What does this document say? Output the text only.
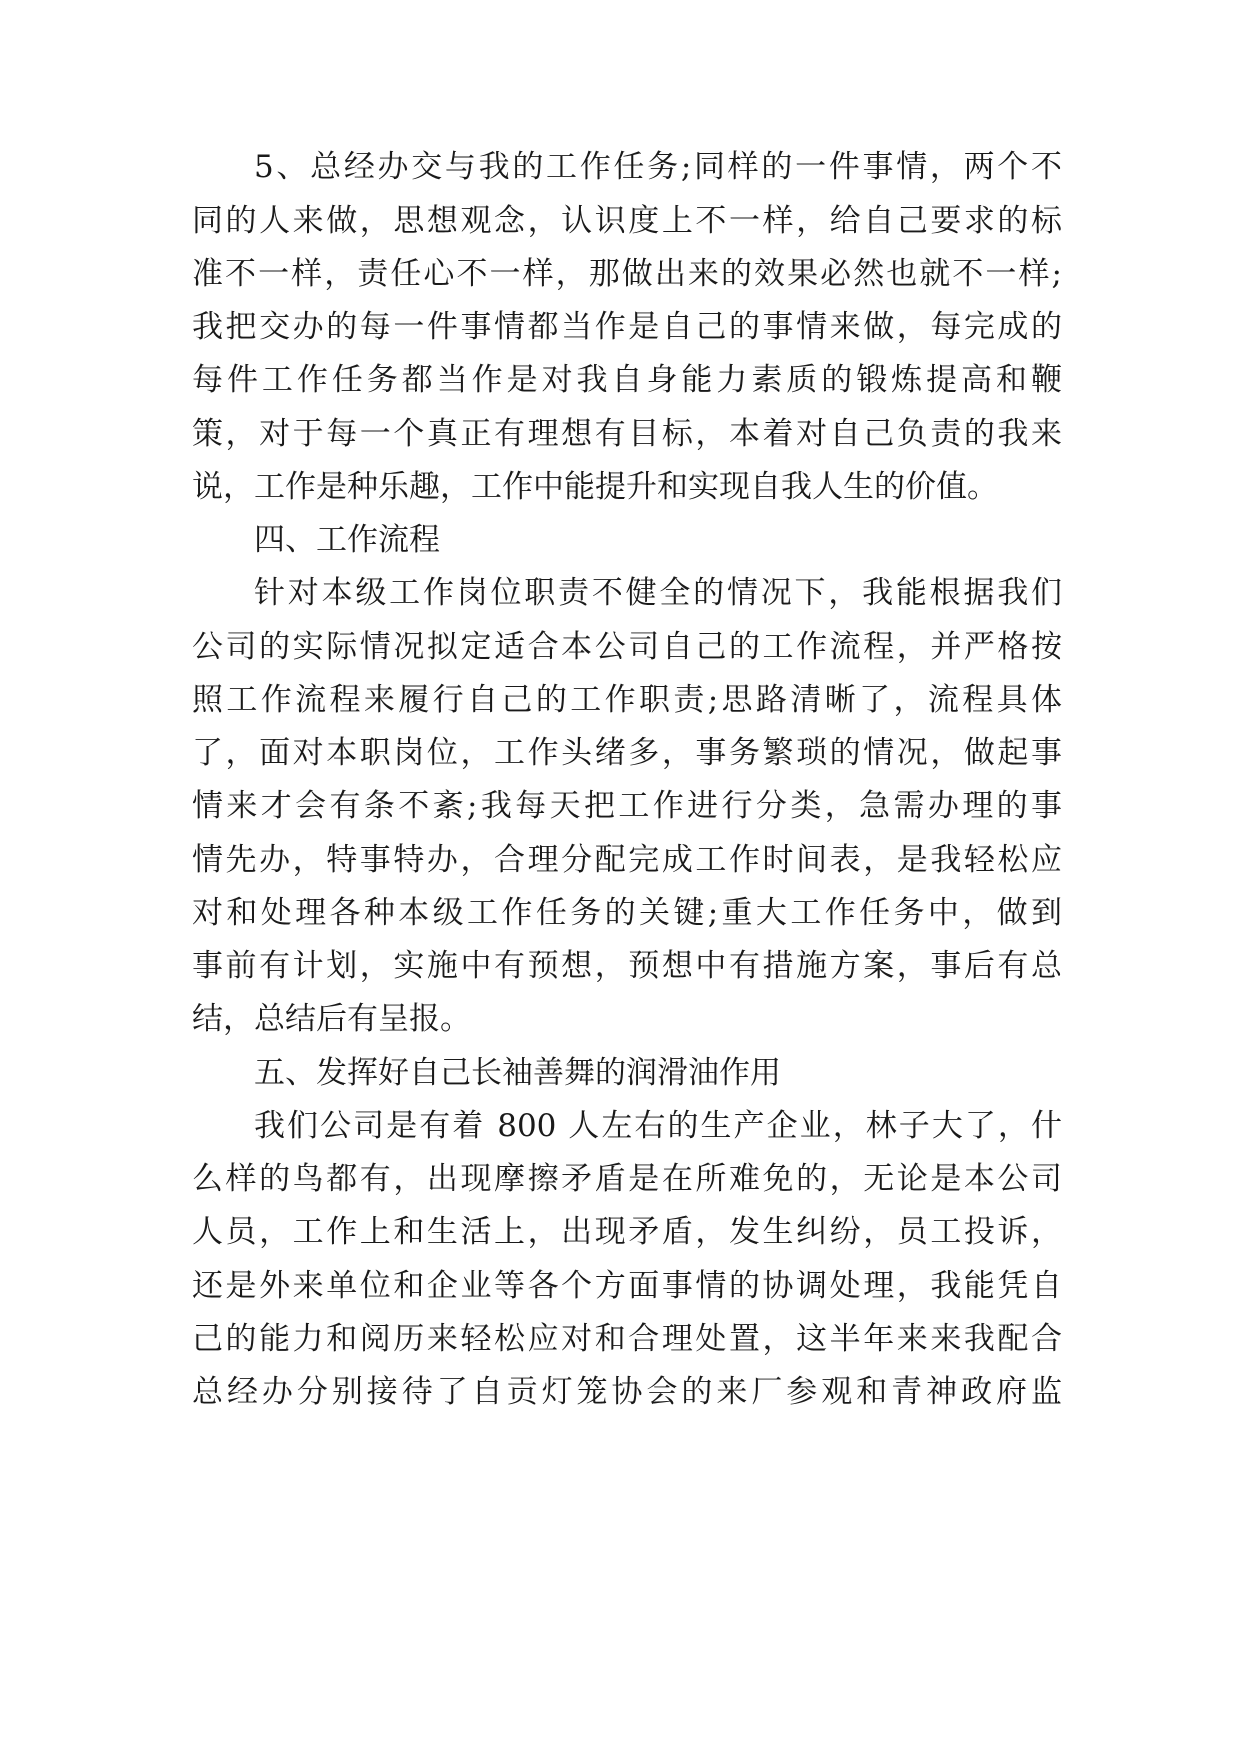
5、总经办交与我的工作任务;同样的一件事情，两个不
同的人来做，思想观念，认识度上不一样，给自己要求的标
准不一样，责任心不一样，那做出来的效果必然也就不一样;
我把交办的每一件事情都当作是自己的事情来做，每完成的
每件工作任务都当作是对我自身能力素质的锻炼提高和鞭
策，对于每一个真正有理想有目标，本着对自己负责的我来
说，工作是种乐趣，工作中能提升和实现自我人生的价值。
四、工作流程
针对本级工作岗位职责不健全的情况下，我能根据我们
公司的实际情况拟定适合本公司自己的工作流程，并严格按
照工作流程来履行自己的工作职责;思路清晰了，流程具体
了，面对本职岗位，工作头绪多，事务繁琐的情况，做起事
情来才会有条不紊;我每天把工作进行分类，急需办理的事
情先办，特事特办，合理分配完成工作时间表，是我轻松应
对和处理各种本级工作任务的关键;重大工作任务中，做到
事前有计划，实施中有预想，预想中有措施方案，事后有总
结，总结后有呈报。
五、发挥好自己长袖善舞的润滑油作用
我们公司是有着 800 人左右的生产企业，林子大了，什
么样的鸟都有，出现摩擦矛盾是在所难免的，无论是本公司
人员，工作上和生活上，出现矛盾，发生纠纷，员工投诉，
还是外来单位和企业等各个方面事情的协调处理，我能凭自
己的能力和阅历来轻松应对和合理处置，这半年来来我配合
总经办分别接待了自贡灯笼协会的来厂参观和青神政府监
